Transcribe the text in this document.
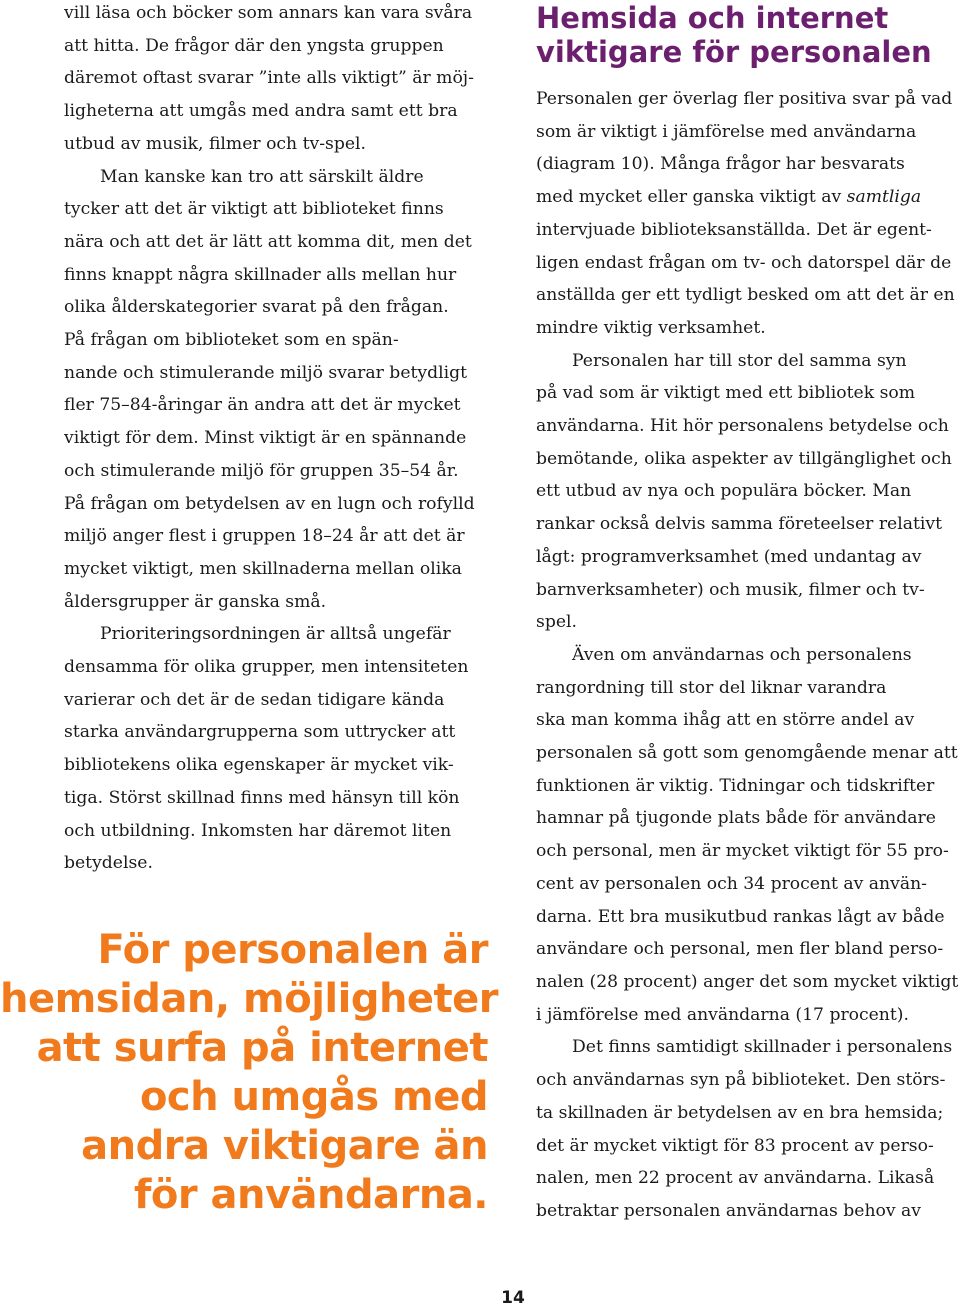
vill läsa och böcker som annars kan vara svåra
att hitta. De frågor där den yngsta gruppen
däremot oftast svarar ”inte alls viktigt” är möj-
ligheterna att umgås med andra samt ett bra
utbud av musik, filmer och tv-spel.

Man kanske kan tro att särskilt äldre
tycker att det är viktigt att biblioteket finns
nära och att det är lätt att komma dit, men det
finns knappt några skillnader alls mellan hur
olika ålderskategorier svarat på den frågan.
På frågan om biblioteket som en spän-
nande och stimulerande miljö svarar betydligt
fler 75–84-åringar än andra att det är mycket
viktigt för dem. Minst viktigt är en spännande
och stimulerande miljö för gruppen 35–54 år.
På frågan om betydelsen av en lugn och rofylld
miljö anger flest i gruppen 18–24 år att det är
mycket viktigt, men skillnaderna mellan olika
åldersgrupper är ganska små.

Prioriteringsordningen är alltså ungefär
densamma för olika grupper, men intensiteten
varierar och det är de sedan tidigare kända
starka användargrupperna som uttrycker att
bibliotekens olika egenskaper är mycket vik-
tiga. Störst skillnad finns med hänsyn till kön
och utbildning. Inkomsten har däremot liten
betydelse.

För personalen är
hemsidan, möjligheter
att surfa på internet
och umgås med
andra viktigare än
för användarna.
Hemsida och internet
viktigare för personalen

Personalen ger överlag fler positiva svar på vad
som är viktigt i jämförelse med användarna
(diagram 10). Många frågor har besvarats
med mycket eller ganska viktigt av samtliga
intervjuade biblioteksanställda. Det är egent-
ligen endast frågan om tv- och datorspel där de
anställda ger ett tydligt besked om att det är en
mindre viktig verksamhet.

Personalen har till stor del samma syn
på vad som är viktigt med ett bibliotek som
användarna. Hit hör personalens betydelse och
bemötande, olika aspekter av tillgänglighet och
ett utbud av nya och populära böcker. Man
rankar också delvis samma företeelser relativt
lågt: programverksamhet (med undantag av
barnverksamheter) och musik, filmer och tv-
spel.

Även om användarnas och personalens
rangordning till stor del liknar varandra
ska man komma ihåg att en större andel av
personalen så gott som genomgående menar att
funktionen är viktig. Tidningar och tidskrifter
hamnar på tjugonde plats både för användare
och personal, men är mycket viktigt för 55 pro-
cent av personalen och 34 procent av använ-
darna. Ett bra musikutbud rankas lågt av både
användare och personal, men fler bland perso-
nalen (28 procent) anger det som mycket viktigt
i jämförelse med användarna (17 procent).

Det finns samtidigt skillnader i personalens
och användarnas syn på biblioteket. Den störs-
ta skillnaden är betydelsen av en bra hemsida;
det är mycket viktigt för 83 procent av perso-
nalen, men 22 procent av användarna. Likaså
betraktar personalen användarnas behov av

14
